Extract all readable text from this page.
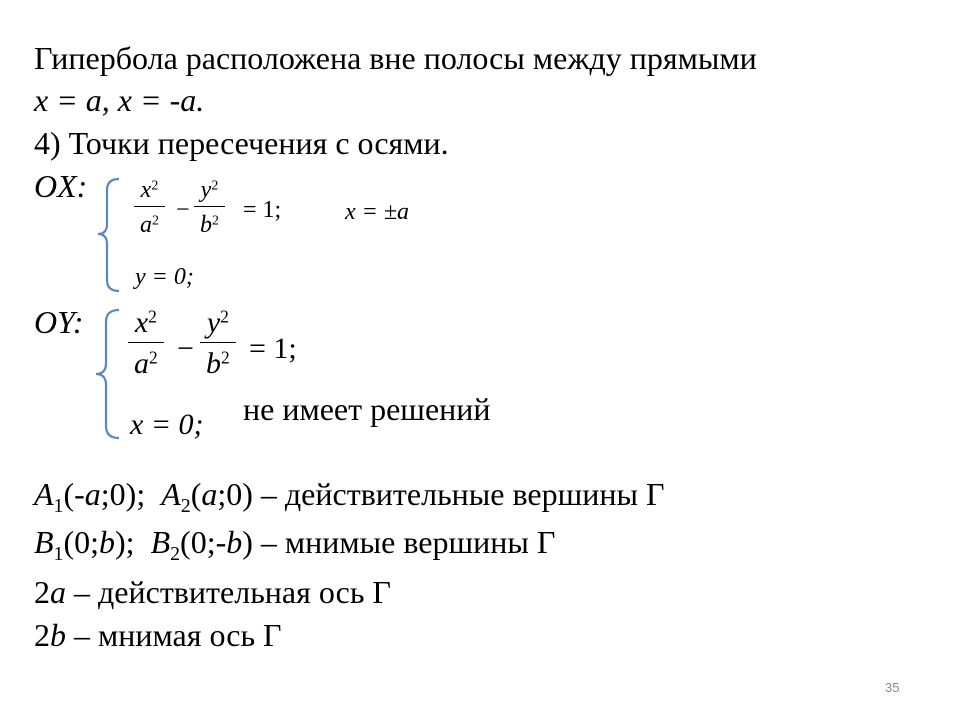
Гипербола расположена вне полосы между прямыми
x = a, x = -a.
4) Точки пересечения с осями.
OX: $x^2$
$a^2$ −
$y^2$
$b^2 = 1$;	x = ±a
y = 0;
OY: $x^2$
$a^2$ −
$y^2$
$b^2 = 1$;
x = 0; не имеет решений
$A_1(-a;0)$; $A_2(a;0)$ – действительные вершины Г
$B_1(0;b)$; $B_2(0;-b)$ – мнимые вершины Г
2a – действительная ось Г
2b – мнимая ось Г
35
